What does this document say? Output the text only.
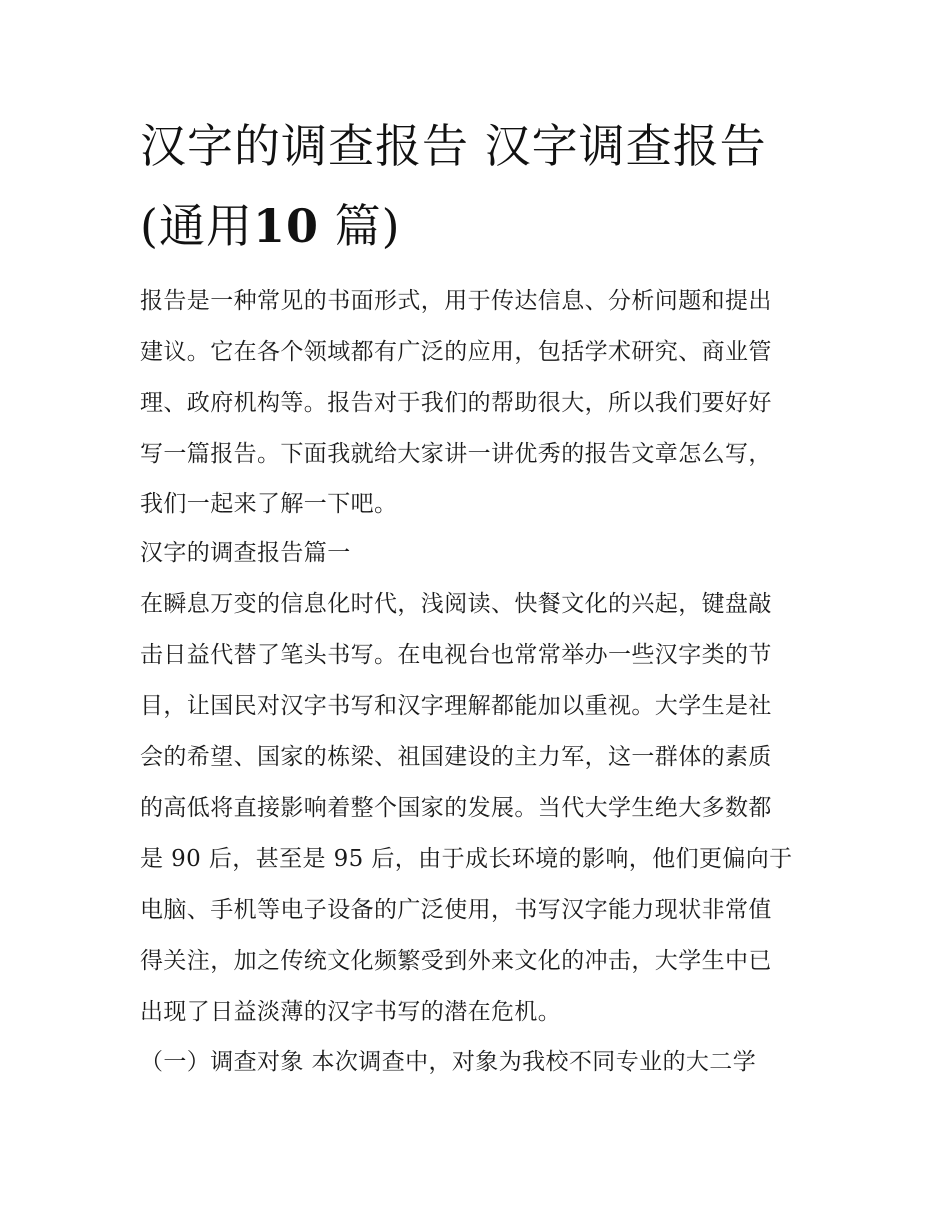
汉字的调查报告 汉字调查报告
(通用10 篇)
报告是一种常见的书面形式，用于传达信息、分析问题和提出
建议。它在各个领域都有广泛的应用，包括学术研究、商业管
理、政府机构等。报告对于我们的帮助很大，所以我们要好好
写一篇报告。下面我就给大家讲一讲优秀的报告文章怎么写，
我们一起来了解一下吧。
汉字的调查报告篇一
在瞬息万变的信息化时代，浅阅读、快餐文化的兴起，键盘敲
击日益代替了笔头书写。在电视台也常常举办一些汉字类的节
目，让国民对汉字书写和汉字理解都能加以重视。大学生是社
会的希望、国家的栋梁、祖国建设的主力军，这一群体的素质
的高低将直接影响着整个国家的发展。当代大学生绝大多数都
是 90 后，甚至是 95 后，由于成长环境的影响，他们更偏向于
电脑、手机等电子设备的广泛使用，书写汉字能力现状非常值
得关注，加之传统文化频繁受到外来文化的冲击，大学生中已
出现了日益淡薄的汉字书写的潜在危机。
（一）调查对象 本次调查中，对象为我校不同专业的大二学
